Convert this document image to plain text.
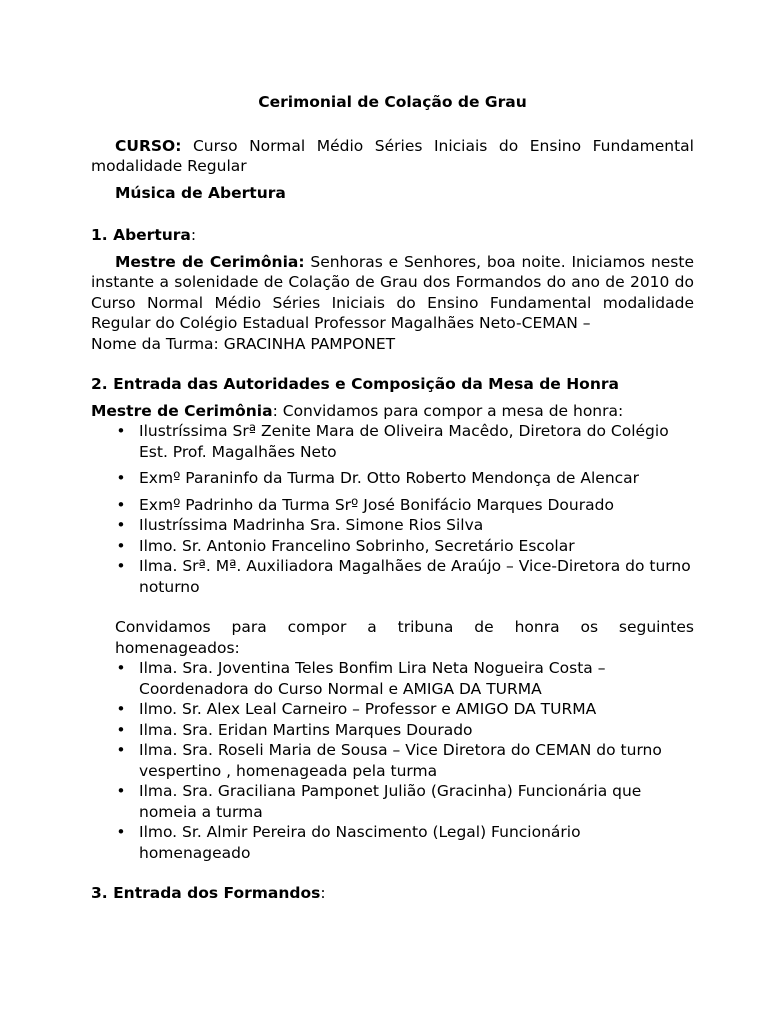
Cerimonial de Colação de Grau

CURSO: Curso Normal Médio Séries Iniciais do Ensino Fundamental modalidade Regular

Música de Abertura

1. Abertura:

Mestre de Cerimônia: Senhoras e Senhores, boa noite. Iniciamos neste instante a solenidade de Colação de Grau dos Formandos do ano de 2010 do Curso Normal Médio Séries Iniciais do Ensino Fundamental modalidade Regular do Colégio Estadual Professor Magalhães Neto-CEMAN –

Nome da Turma: GRACINHA PAMPONET

2. Entrada das Autoridades e Composição da Mesa de Honra

Mestre de Cerimônia: Convidamos para compor a mesa de honra:

• Ilustríssima Srª Zenite Mara de Oliveira Macêdo, Diretora do Colégio Est. Prof. Magalhães Neto
• Exmº Paraninfo da Turma Dr. Otto Roberto Mendonça de Alencar
• Exmº Padrinho da Turma Srº José Bonifácio Marques Dourado
• Ilustríssima Madrinha Sra. Simone Rios Silva
• Ilmo. Sr. Antonio Francelino Sobrinho, Secretário Escolar
• Ilma. Srª. Mª. Auxiliadora Magalhães de Araújo – Vice-Diretora do turno noturno

Convidamos para compor a tribuna de honra os seguintes homenageados:

• Ilma. Sra. Joventina Teles Bonfim Lira Neta Nogueira Costa – Coordenadora do Curso Normal e AMIGA DA TURMA
• Ilmo. Sr. Alex Leal Carneiro – Professor e AMIGO DA TURMA
• Ilma. Sra. Eridan Martins Marques Dourado
• Ilma. Sra. Roseli Maria de Sousa – Vice Diretora do CEMAN do turno vespertino , homenageada pela turma
• Ilma. Sra. Graciliana Pamponet Julião (Gracinha) Funcionária que nomeia a turma
• Ilmo. Sr. Almir Pereira do Nascimento (Legal) Funcionário homenageado

3. Entrada dos Formandos:
